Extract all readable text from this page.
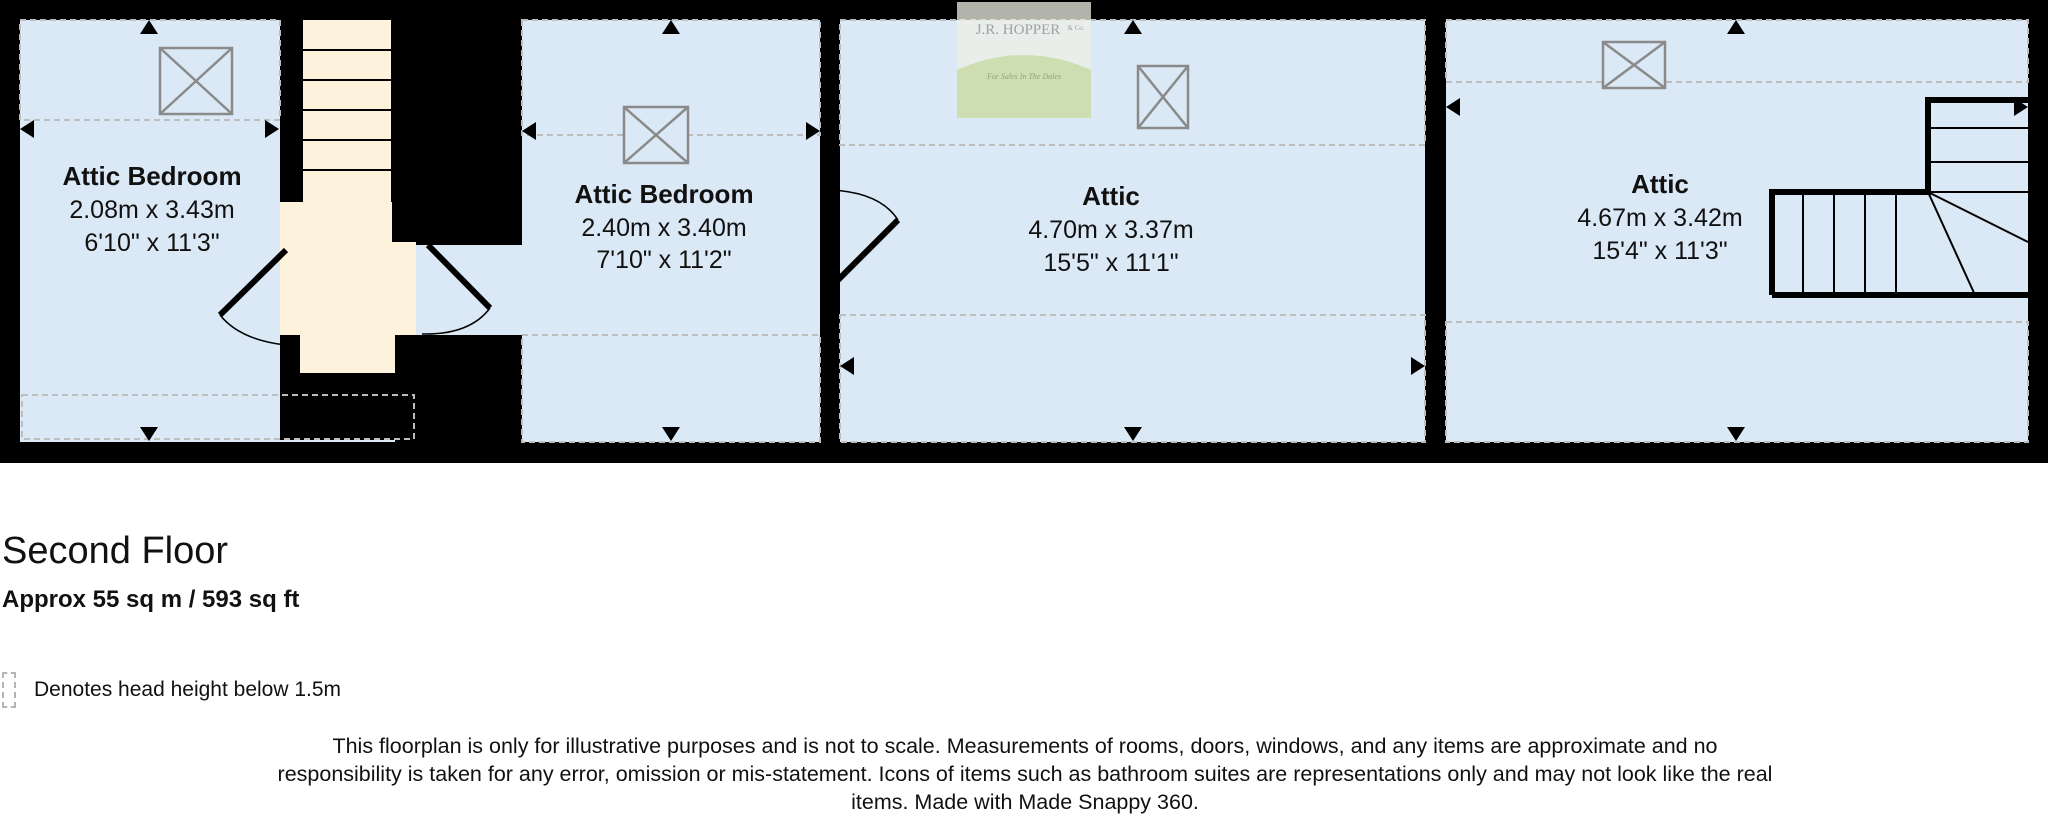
J.R. HOPPER & Co.
For Sales In The Dales
Attic Bedroom
2.08m x 3.43m
6'10" x 11'3"
Attic Bedroom
2.40m x 3.40m
7'10" x 11'2"
Attic
4.70m x 3.37m
15'5" x 11'1"
Attic
4.67m x 3.42m
15'4" x 11'3"
Second Floor
Approx 55 sq m / 593 sq ft
Denotes head height below 1.5m
This floorplan is only for illustrative purposes and is not to scale. Measurements of rooms, doors, windows, and any items are approximate and no responsibility is taken for any error, omission or mis-statement. Icons of items such as bathroom suites are representations only and may not look like the real items. Made with Made Snappy 360.
